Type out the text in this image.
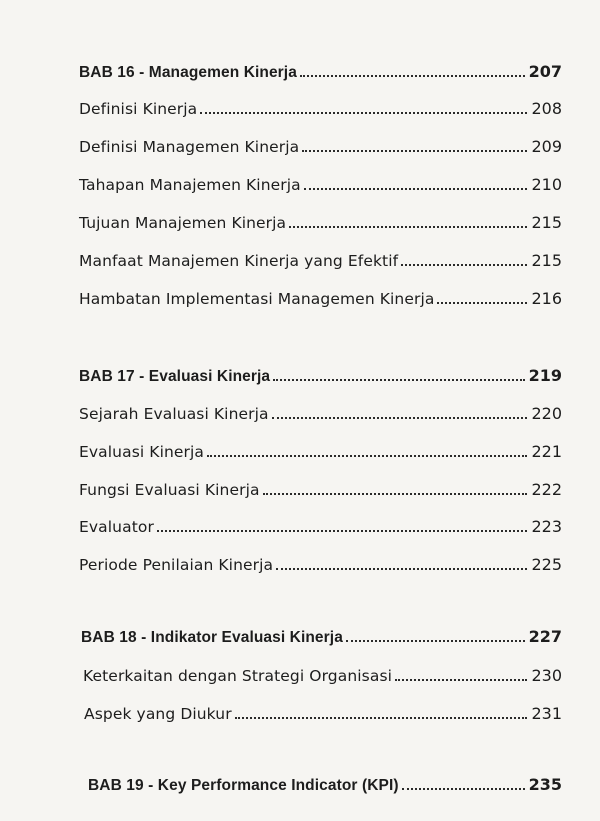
BAB 16 - Managemen Kinerja	207
Definisi Kinerja	208
Definisi Managemen Kinerja	209
Tahapan Manajemen Kinerja	210
Tujuan Manajemen Kinerja	215
Manfaat Manajemen Kinerja yang Efektif	215
Hambatan Implementasi Managemen Kinerja	216
BAB 17 - Evaluasi Kinerja	219
Sejarah Evaluasi Kinerja	220
Evaluasi Kinerja	221
Fungsi Evaluasi Kinerja	222
Evaluator	223
Periode Penilaian Kinerja	225
BAB 18 - Indikator Evaluasi Kinerja	227
Keterkaitan dengan Strategi Organisasi	230
Aspek yang Diukur	231
BAB 19 - Key Performance Indicator (KPI)	235
